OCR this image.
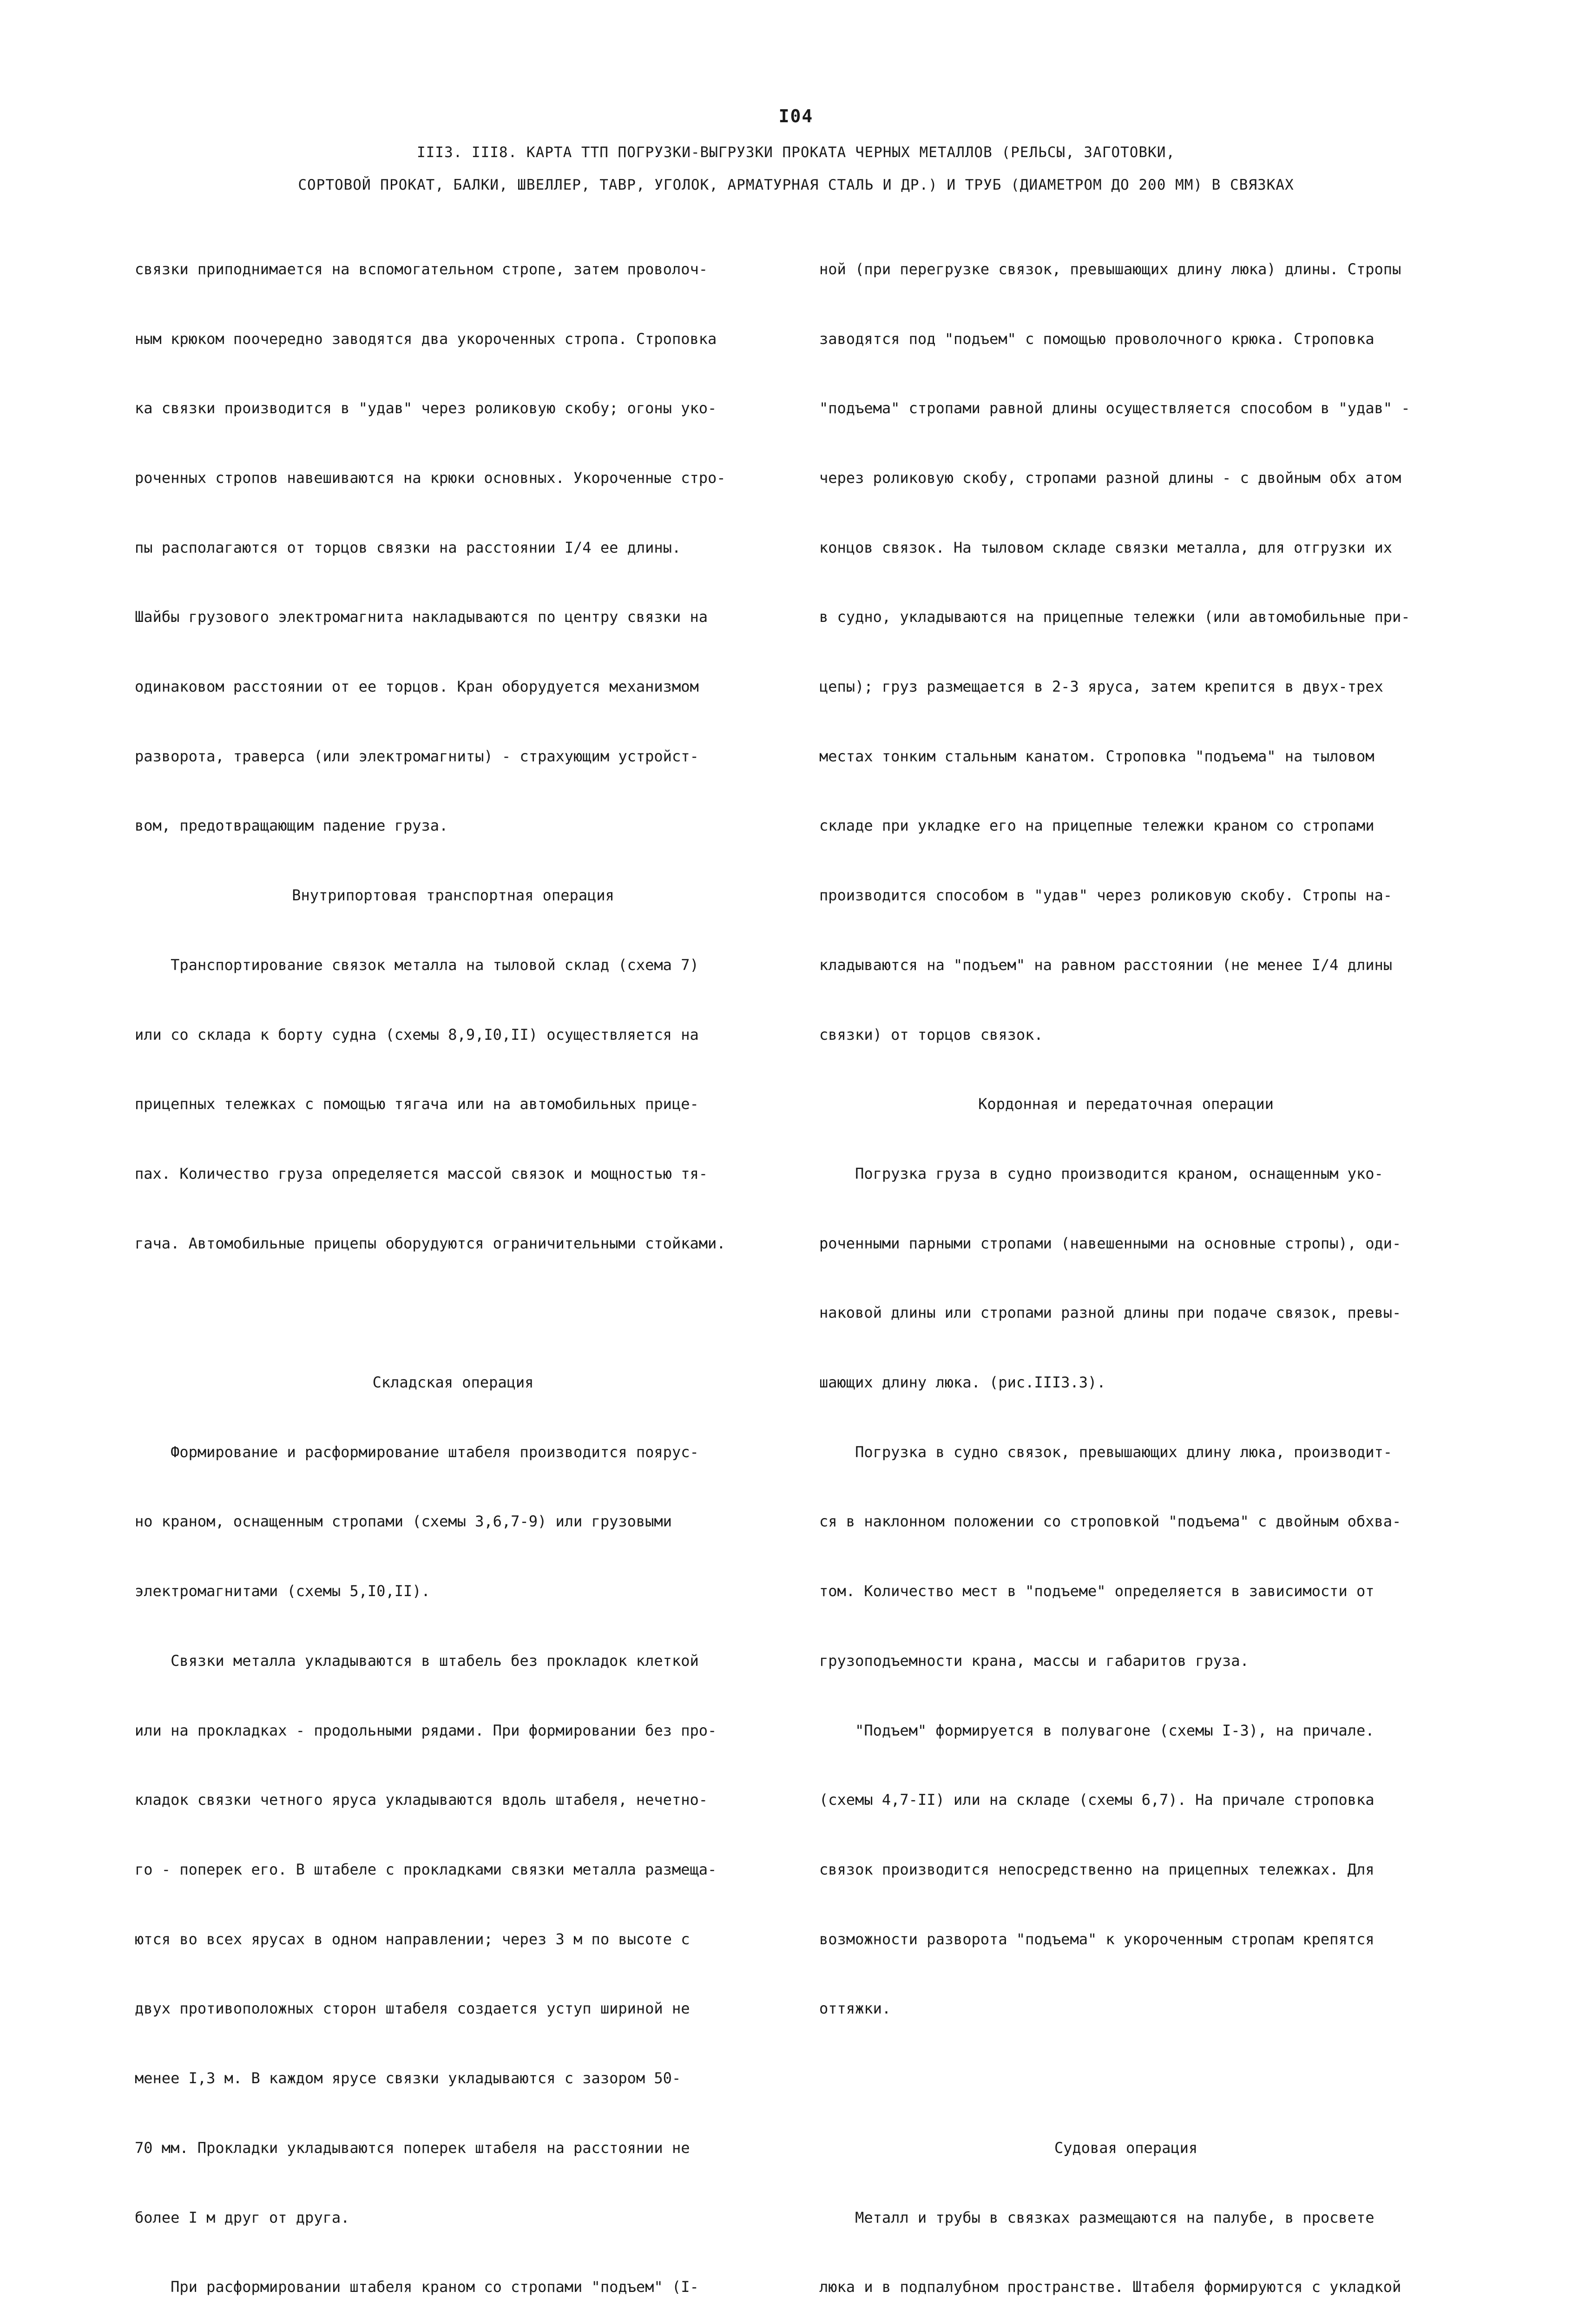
I04
III3. III8. КАРТА ТТП ПОГРУЗКИ-ВЫГРУЗКИ ПРОКАТА ЧЕРНЫХ МЕТАЛЛОВ (РЕЛЬСЫ, ЗАГОТОВКИ,
СОРТОВОЙ ПРОКАТ, БАЛКИ, ШВЕЛЛЕР, ТАВР, УГОЛОК, АРМАТУРНАЯ СТАЛЬ И ДР.) И ТРУБ (ДИАМЕТРОМ ДО 200 ММ) В СВЯЗКАХ

связки приподнимается на вспомогательном стропе, затем проволоч-

ным крюком поочередно заводятся два укороченных стропа. Строповка

ка связки производится в "удав" через роликовую скобу; огоны уко-

роченных стропов навешиваются на крюки основных. Укороченные стро-

пы располагаются от торцов связки на расстоянии I/4 ее длины.

Шайбы грузового электромагнита накладываются по центру связки на

одинаковом расстоянии от ее торцов. Кран оборудуется механизмом

разворота, траверса (или электромагниты) - страхующим устройст-

вом, предотвращающим падение груза.

Внутрипортовая транспортная операция

Транспортирование связок металла на тыловой склад (схема 7)

или со склада к борту судна (схемы 8,9,I0,II) осуществляется на

прицепных тележках с помощью тягача или на автомобильных прице-

пах. Количество груза определяется массой связок и мощностью тя-

гача. Автомобильные прицепы оборудуются ограничительными стойками.

Складская операция

Формирование и расформирование штабеля производится поярус-

но краном, оснащенным стропами (схемы 3,6,7-9) или грузовыми

электромагнитами (схемы 5,I0,II).

Связки металла укладываются в штабель без прокладок клеткой

или на прокладках - продольными рядами. При формировании без про-

кладок связки четного яруса укладываются вдоль штабеля, нечетно-

го - поперек его. В штабеле с прокладками связки металла размеща-

ются во всех ярусах в одном направлении; через 3 м по высоте с

двух противоположных сторон штабеля создается уступ шириной не

менее I,3 м. В каждом ярусе связки укладываются с зазором 50-

70 мм. Прокладки укладываются поперек штабеля на расстоянии не

более I м друг от друга.

При расформировании штабеля краном со стропами "подъем" (I-

ной (при перегрузке связок, превышающих длину люка) длины. Стропы

заводятся под "подъем" с помощью проволочного крюка. Строповка

"подъема" стропами равной длины осуществляется способом в "удав" -

через роликовую скобу, стропами разной длины - с двойным обх атом

концов связок. На тыловом складе связки металла, для отгрузки их

в судно, укладываются на прицепные тележки (или автомобильные при-

цепы); груз размещается в 2-3 яруса, затем крепится в двух-трех

местах тонким стальным канатом. Строповка "подъема" на тыловом

складе при укладке его на прицепные тележки краном со стропами

производится способом в "удав" через роликовую скобу. Стропы на-

кладываются на "подъем" на равном расстоянии (не менее I/4 длины

связки) от торцов связок.

Кордонная и передаточная операции

Погрузка груза в судно производится краном, оснащенным уко-

роченными парными стропами (навешенными на основные стропы), оди-

наковой длины или стропами разной длины при подаче связок, превы-

шающих длину люка. (рис.III3.3).

Погрузка в судно связок, превышающих длину люка, производит-

ся в наклонном положении со строповкой "подъема" с двойным обхва-

том. Количество мест в "подъеме" определяется в зависимости от

грузоподъемности крана, массы и габаритов груза.

"Подъем" формируется в полувагоне (схемы I-3), на причале.

(схемы 4,7-II) или на складе (схемы 6,7). На причале строповка

связок производится непосредственно на прицепных тележках. Для

возможности разворота "подъема" к укороченным стропам крепятся

оттяжки.

Судовая операция

Металл и трубы в связках размещаются на палубе, в просвете

люка и в подпалубном пространстве. Штабеля формируются с укладкой
